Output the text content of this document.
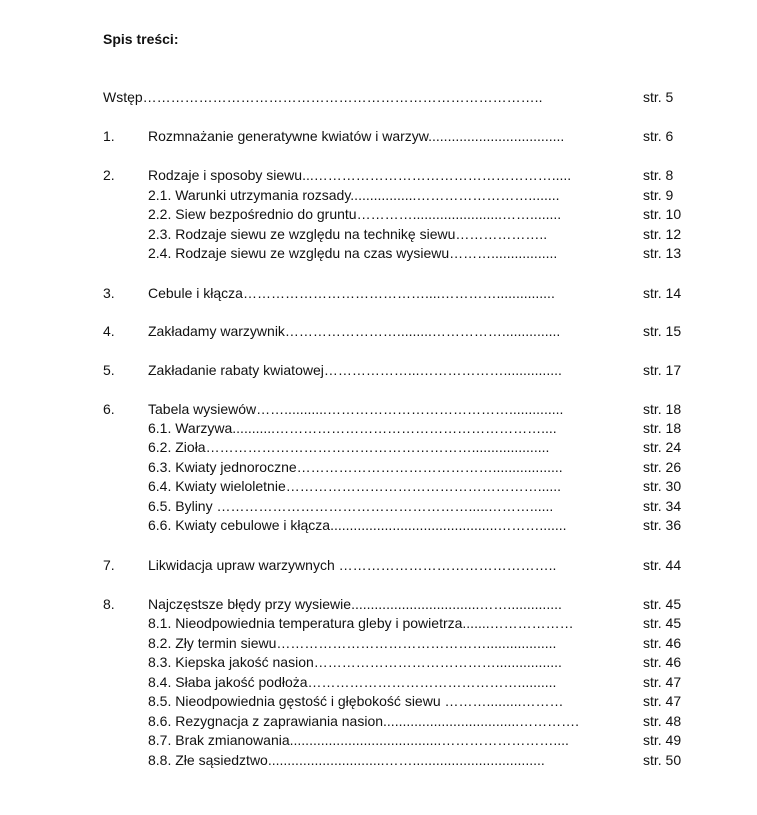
Spis treści:
Wstęp…………………………………………………………………………..	str. 5
1. Rozmnażanie generatywne kwiatów i warzyw...................................	str. 6
2. Rodzaje i sposoby siewu...…………………………………………….....	str. 8
2.1. Warunki utrzymania rozsady.................……………………........	str. 9
2.2. Siew bezpośrednio do gruntu………….......................……........	str. 10
2.3. Rodzaje siewu ze względu na technikę siewu………………..	str. 12
2.4. Rodzaje siewu ze względu na czas wysiewu……….................	str. 13
3. Cebule i kłącza…………………………………....…………...............	str. 14
4. Zakładamy warzywnik…………………….........……………...............	str. 15
5. Zakładanie rabaty kwiatowej………………...………………...............	str. 17
6. Tabela wysiewów……...........…………………………………..............	str. 18
6.1. Warzywa...........…………………………………………………....	str. 18
6.2. Zioła…………………………………………………....................	str. 24
6.3. Kwiaty jednoroczne……………………………………..................	str. 26
6.4. Kwiaty wieloletnie………………………………………………......	str. 30
6.5. Byliny ……………………………………………….....………......	str. 34
6.6. Kwiaty cebulowe i kłącza...........................................……….......	str. 36
7. Likwidacja upraw warzywnych ………………………………………..	str. 44
8. Najczęstsze błędy przy wysiewie.................................……..............	str. 45
8.1. Nieodpowiednia temperatura gleby i powietrza.......………………	str. 45
8.2. Zły termin siewu………………………………………..................	str. 46
8.3. Kiepska jakość nasion………………………………….................	str. 46
8.4. Słaba jakość podłoża………………………………………..........	str. 47
8.5. Nieodpowiednia gęstość i głębokość siewu ……….........………	str. 47
8.6. Rezygnacja z zaprawiania nasion...................................………….	str. 48
8.7. Brak zmianowania.......................................……………………....	str. 49
8.8. Złe sąsiedztwo..............................……..................................	str. 50
